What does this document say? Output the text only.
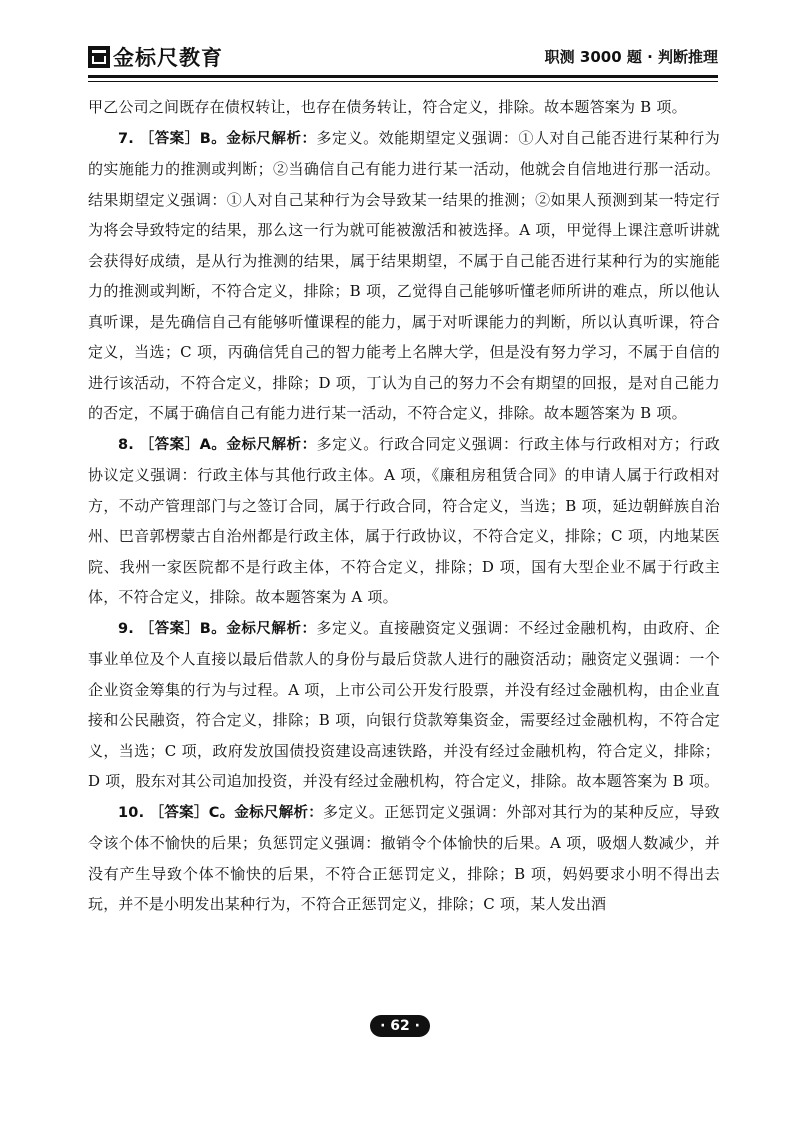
金标尺教育	职测 3000 题 · 判断推理

甲乙公司之间既存在债权转让，也存在债务转让，符合定义，排除。故本题答案为 B 项。

7. ［答案］B。金标尺解析：多定义。效能期望定义强调：①人对自己能否进行某种行为的实施能力的推测或判断；②当确信自己有能力进行某一活动，他就会自信地进行那一活动。结果期望定义强调：①人对自己某种行为会导致某一结果的推测；②如果人预测到某一特定行为将会导致特定的结果，那么这一行为就可能被激活和被选择。A 项，甲觉得上课注意听讲就会获得好成绩，是从行为推测的结果，属于结果期望，不属于自己能否进行某种行为的实施能力的推测或判断，不符合定义，排除；B 项，乙觉得自己能够听懂老师所讲的难点，所以他认真听课，是先确信自己有能够听懂课程的能力，属于对听课能力的判断，所以认真听课，符合定义，当选；C 项，丙确信凭自己的智力能考上名牌大学，但是没有努力学习，不属于自信的进行该活动，不符合定义，排除；D 项，丁认为自己的努力不会有期望的回报，是对自己能力的否定，不属于确信自己有能力进行某一活动，不符合定义，排除。故本题答案为 B 项。

8. ［答案］A。金标尺解析：多定义。行政合同定义强调：行政主体与行政相对方；行政协议定义强调：行政主体与其他行政主体。A 项，《廉租房租赁合同》的申请人属于行政相对方，不动产管理部门与之签订合同，属于行政合同，符合定义，当选；B 项，延边朝鲜族自治州、巴音郭楞蒙古自治州都是行政主体，属于行政协议，不符合定义，排除；C 项，内地某医院、我州一家医院都不是行政主体，不符合定义，排除；D 项，国有大型企业不属于行政主体，不符合定义，排除。故本题答案为 A 项。

9. ［答案］B。金标尺解析：多定义。直接融资定义强调：不经过金融机构，由政府、企事业单位及个人直接以最后借款人的身份与最后贷款人进行的融资活动；融资定义强调：一个企业资金筹集的行为与过程。A 项，上市公司公开发行股票，并没有经过金融机构，由企业直接和公民融资，符合定义，排除；B 项，向银行贷款筹集资金，需要经过金融机构，不符合定义，当选；C 项，政府发放国债投资建设高速铁路，并没有经过金融机构，符合定义，排除；D 项，股东对其公司追加投资，并没有经过金融机构，符合定义，排除。故本题答案为 B 项。

10. ［答案］C。金标尺解析：多定义。正惩罚定义强调：外部对其行为的某种反应，导致令该个体不愉快的后果；负惩罚定义强调：撤销令个体愉快的后果。A 项，吸烟人数减少，并没有产生导致个体不愉快的后果，不符合正惩罚定义，排除；B 项，妈妈要求小明不得出去玩，并不是小明发出某种行为，不符合正惩罚定义，排除；C 项，某人发出酒

· 62 ·
